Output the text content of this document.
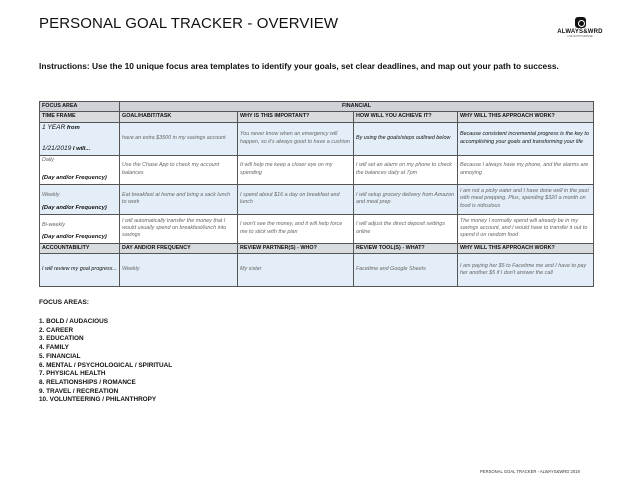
PERSONAL GOAL TRACKER - OVERVIEW	ALWAYS&WRD
LIVE WITH PURPOSE
Instructions: Use the 10 unique focus area templates to identify your goals, set clear deadlines, and map out your path to success.
FOCUS AREA	FINANCIAL			
TIME FRAME	GOAL/HABIT/TASK	WHY IS THIS IMPORTANT?	HOW WILL YOU ACHIEVE IT?	WHY WILL THIS APPROACH WORK?

1 YEAR from
1/21/2019 I will...	have an extra $3500 in my savings account	You never know when an emergency will happen, so it's always good to have a cushion	By using the goals/steps outlined below	Because consistent incremental progress is the key to accomplishing your goals and transforming your life

Daily
(Day and/or Frequency)	Use the Chase App to check my account balances	It will help me keep a closer eye on my spending	I will set an alarm on my phone to check the balances daily at 7pm	Because I always have my phone, and the alarms are annoying

Weekly
(Day and/or Frequency)	Eat breakfast at home and bring a sack lunch to work	I spend about $16 a day on breakfast and lunch	I will setup grocery delivery from Amazon and meal prep	I am not a picky eater and I have done well in the past with meal prepping. Plus, spending $320 a month on food is ridiculous

Bi-weekly
(Day and/or Frequency)	I will automatically transfer the money that I would usually spend on breakfast/lunch into savings	I won't see the money, and it will help force me to stick with the plan	I will adjust the direct deposit settings online	The money I normally spend will already be in my savings account, and I would have to transfer it out to spend it on random food
ACCOUNTABILITY	DAY AND/OR FREQUENCY	REVIEW PARTNER(S) - WHO?	REVIEW TOOL(S) - WHAT?	WHY WILL THIS APPROACH WORK?
I will review my goal progress...	Weekly	My sister	Facetime and Google Sheets	I am paying her $5 to Facetime me and I have to pay her another $5 if I don't answer the call
FOCUS AREAS:
1. BOLD / AUDACIOUS
2. CAREER
3. EDUCATION
4. FAMILY
5. FINANCIAL
6. MENTAL / PSYCHOLOGICAL / SPIRITUAL
7. PHYSICAL HEALTH
8. RELATIONSHIPS / ROMANCE
9. TRAVEL / RECREATION
10. VOLUNTEERING / PHILANTHROPY
PERSONAL GOAL TRACKER - ALWAYS&WRD 2019
